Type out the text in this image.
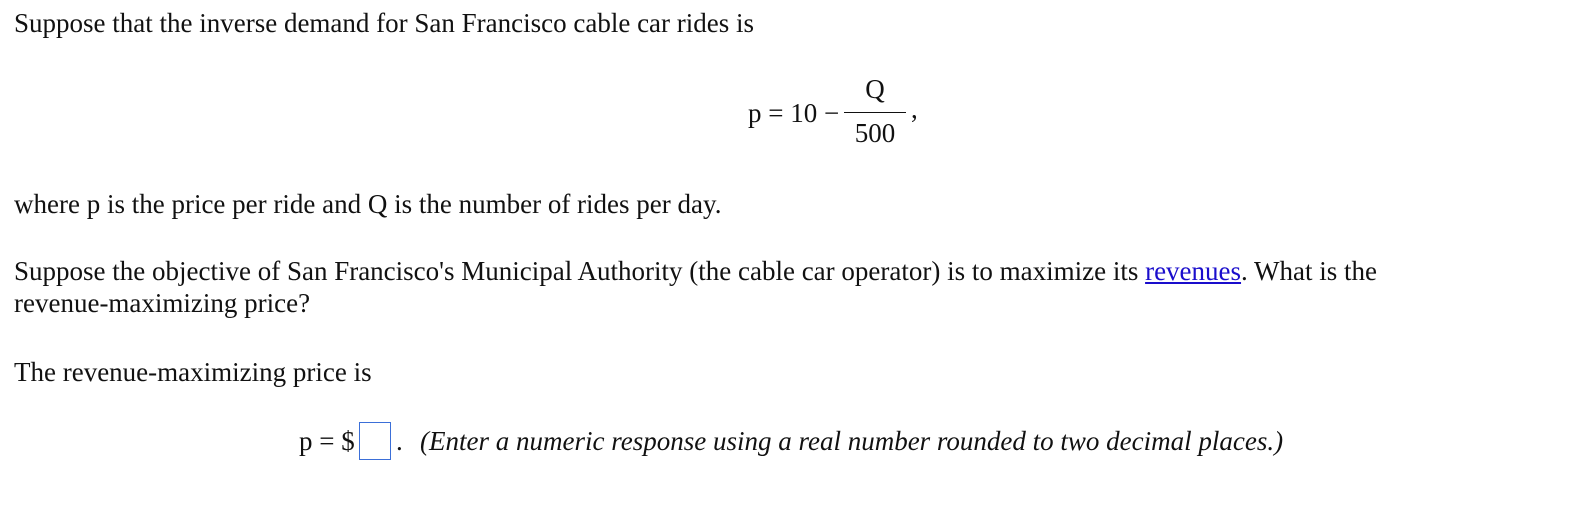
Suppose that the inverse demand for San Francisco cable car rides is
p = 10 −
Q
500
,
where p is the price per ride and Q is the number of rides per day.
Suppose the objective of San Francisco's Municipal Authority (the cable car operator) is to maximize its revenues. What is the
revenue-maximizing price?
The revenue-maximizing price is
p = $ . (Enter a numeric response using a real number rounded to two decimal places.)
